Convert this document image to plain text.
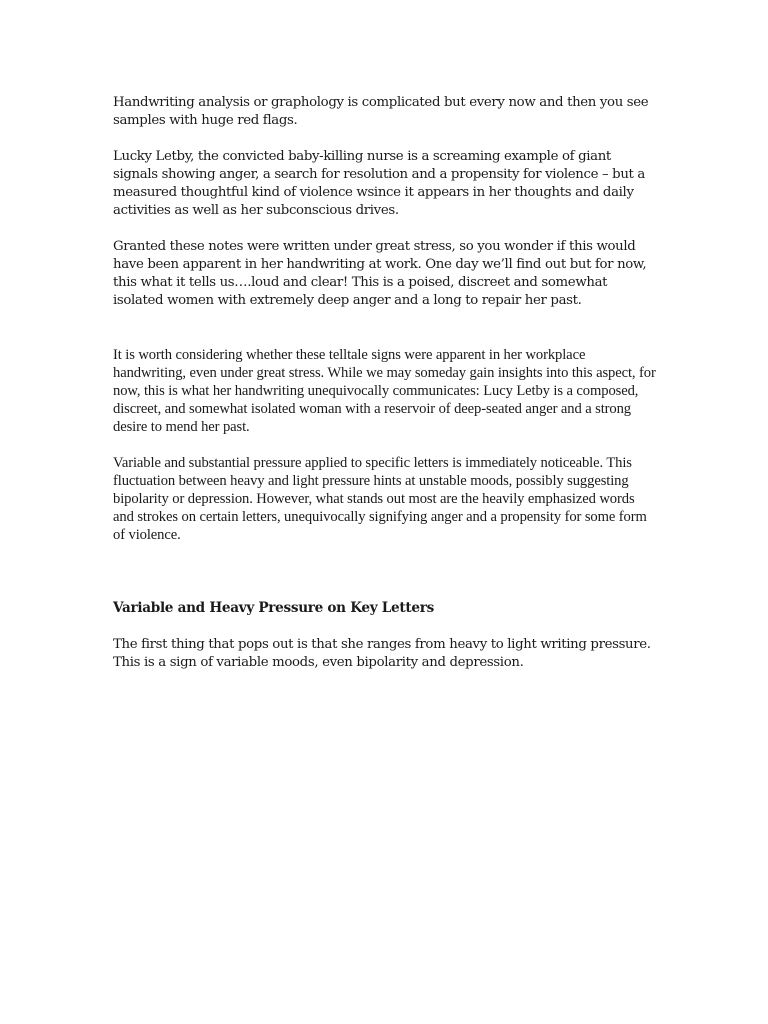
Handwriting analysis or graphology is complicated but every now and then you see samples with huge red flags.

Lucky Letby, the convicted baby-killing nurse is a screaming example of giant signals showing anger, a search for resolution and a propensity for violence – but a measured thoughtful kind of violence wsince it appears in her thoughts and daily activities as well as her subconscious drives.

Granted these notes were written under great stress, so you wonder if this would have been apparent in her handwriting at work. One day we’ll find out but for now, this what it tells us….loud and clear! This is a poised, discreet and somewhat isolated women with extremely deep anger and a long to repair her past.

It is worth considering whether these telltale signs were apparent in her workplace handwriting, even under great stress. While we may someday gain insights into this aspect, for now, this is what her handwriting unequivocally communicates: Lucy Letby is a composed, discreet, and somewhat isolated woman with a reservoir of deep-seated anger and a strong desire to mend her past.

Variable and substantial pressure applied to specific letters is immediately noticeable. This fluctuation between heavy and light pressure hints at unstable moods, possibly suggesting bipolarity or depression. However, what stands out most are the heavily emphasized words and strokes on certain letters, unequivocally signifying anger and a propensity for some form of violence.

Variable and Heavy Pressure on Key Letters

The first thing that pops out is that she ranges from heavy to light writing pressure. This is a sign of variable moods, even bipolarity and depression.
